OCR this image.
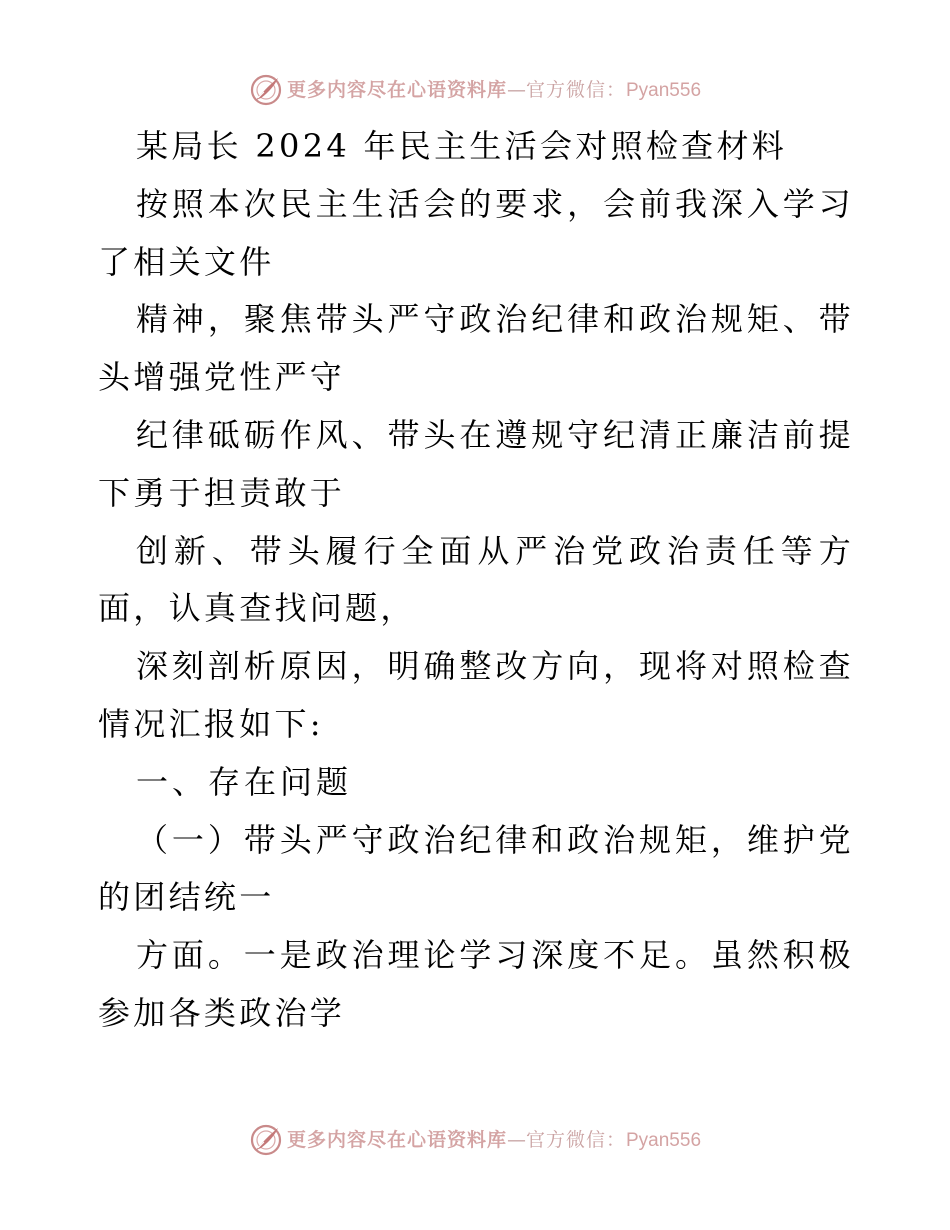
更多内容尽在心语资料库 — 官方微信： Pyan556

某局长 2024 年民主生活会对照检查材料

按照本次民主生活会的要求，会前我深入学习了相关文件

精神，聚焦带头严守政治纪律和政治规矩、带头增强党性严守

纪律砥砺作风、带头在遵规守纪清正廉洁前提下勇于担责敢于

创新、带头履行全面从严治党政治责任等方面，认真查找问题，

深刻剖析原因，明确整改方向，现将对照检查情况汇报如下:

一、存在问题

（一）带头严守政治纪律和政治规矩，维护党的团结统一

方面。一是政治理论学习深度不足。虽然积极参加各类政治学

更多内容尽在心语资料库 — 官方微信： Pyan556
